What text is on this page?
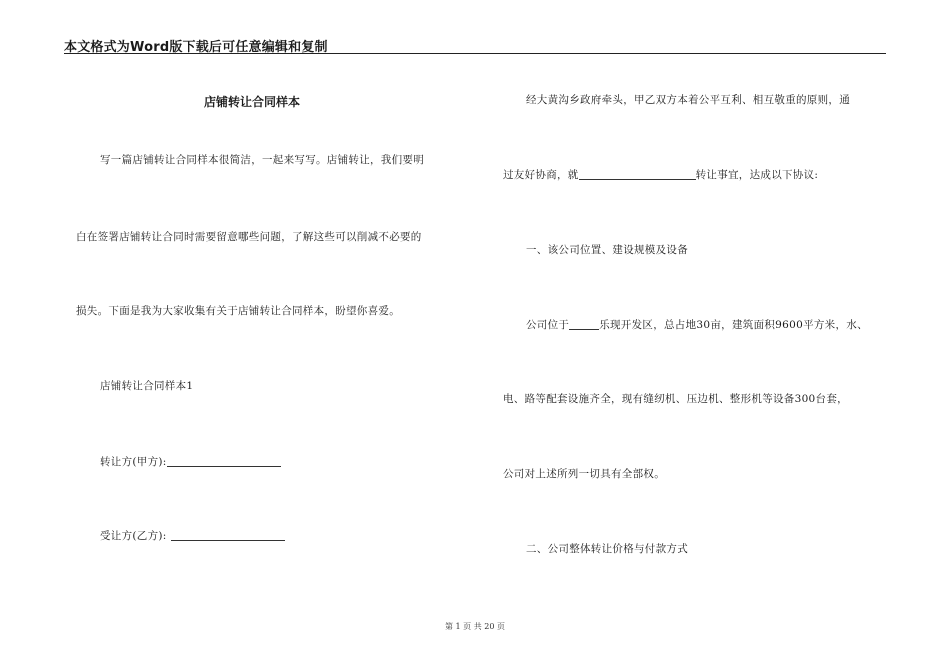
本文格式为Word版下载后可任意编辑和复制
店铺转让合同样本
写一篇店铺转让合同样本很简洁，一起来写写。店铺转让，我们要明
白在签署店铺转让合同时需要留意哪些问题，了解这些可以削减不必要的
损失。下面是我为大家收集有关于店铺转让合同样本，盼望你喜爱。
店铺转让合同样本1
转让方(甲方):
受让方(乙方):
经大黄沟乡政府牵头，甲乙双方本着公平互利、相互敬重的原则，通
过友好协商，就	转让事宜，达成以下协议:
一、该公司位置、建设规模及设备
公司位于	乐现开发区，总占地30亩，建筑面积9600平方米，水、
电、路等配套设施齐全，现有缝纫机、压边机、整形机等设备300台套，
公司对上述所列一切具有全部权。
二、公司整体转让价格与付款方式
第 1 页 共 20 页
